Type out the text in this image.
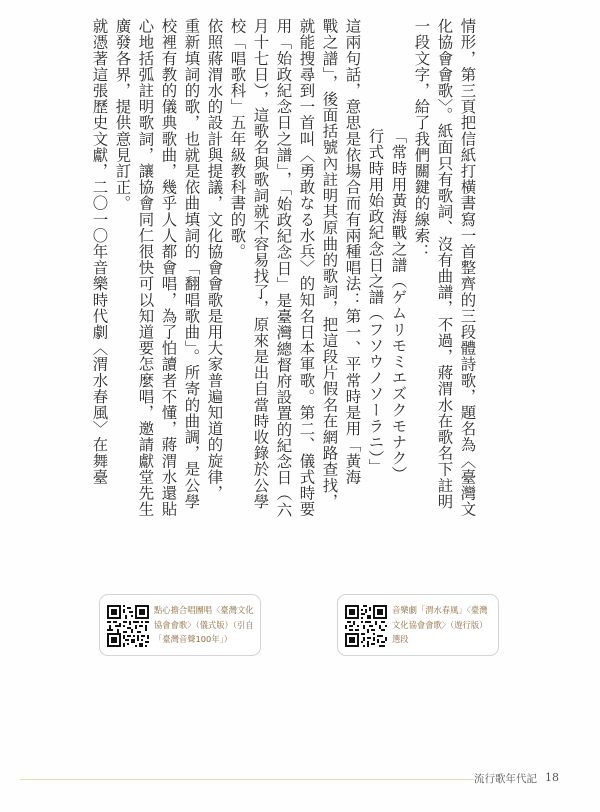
情形，第三頁把信紙打橫書寫一首整齊的三段體詩歌，題名為〈臺灣文
化協會會歌〉。紙面只有歌詞、沒有曲譜，不過，蔣渭水在歌名下註明
一段文字，給了我們關鍵的線索：
「常時用黃海戰之譜（ゲムリモミエズクモナク）
行式時用始政紀念日之譜（フソウノソーラニ）」
這兩句話，意思是依場合而有兩種唱法：第一、平常時是用「黃海
戰之譜」，後面括號內註明其原曲的歌詞，把這段片假名在網路查找，
就能搜尋到一首叫〈勇敢なる水兵〉的知名日本軍歌。第二、儀式時要
用「始政紀念日之譜」，「始政紀念日」是臺灣總督府設置的紀念日（六
月十七日），這歌名與歌詞就不容易找了，原來是出自當時收錄於公學
校「唱歌科」五年級教科書的歌。
依照蔣渭水的設計與提議，文化協會會歌是用大家普遍知道的旋律，
重新填詞的歌，也就是依曲填詞的「翻唱歌曲」。所寄的曲調，是公學
校裡有教的儀典歌曲，幾乎人人都會唱，為了怕讀者不懂，蔣渭水還貼
心地括弧註明歌詞，讓協會同仁很快可以知道要怎麼唱，邀請獻堂先生
廣發各界，提供意見訂正。
就憑著這張歷史文獻，二〇一〇年音樂時代劇〈渭水春風〉在舞臺

點心擔合唱團唱〈臺灣文化協會會歌〉（儀式版）（引自「臺灣音聲100年」）

音樂劇「渭水春風」〈臺灣文化協會會歌〉（遊行版）選段

流行歌年代記 18
